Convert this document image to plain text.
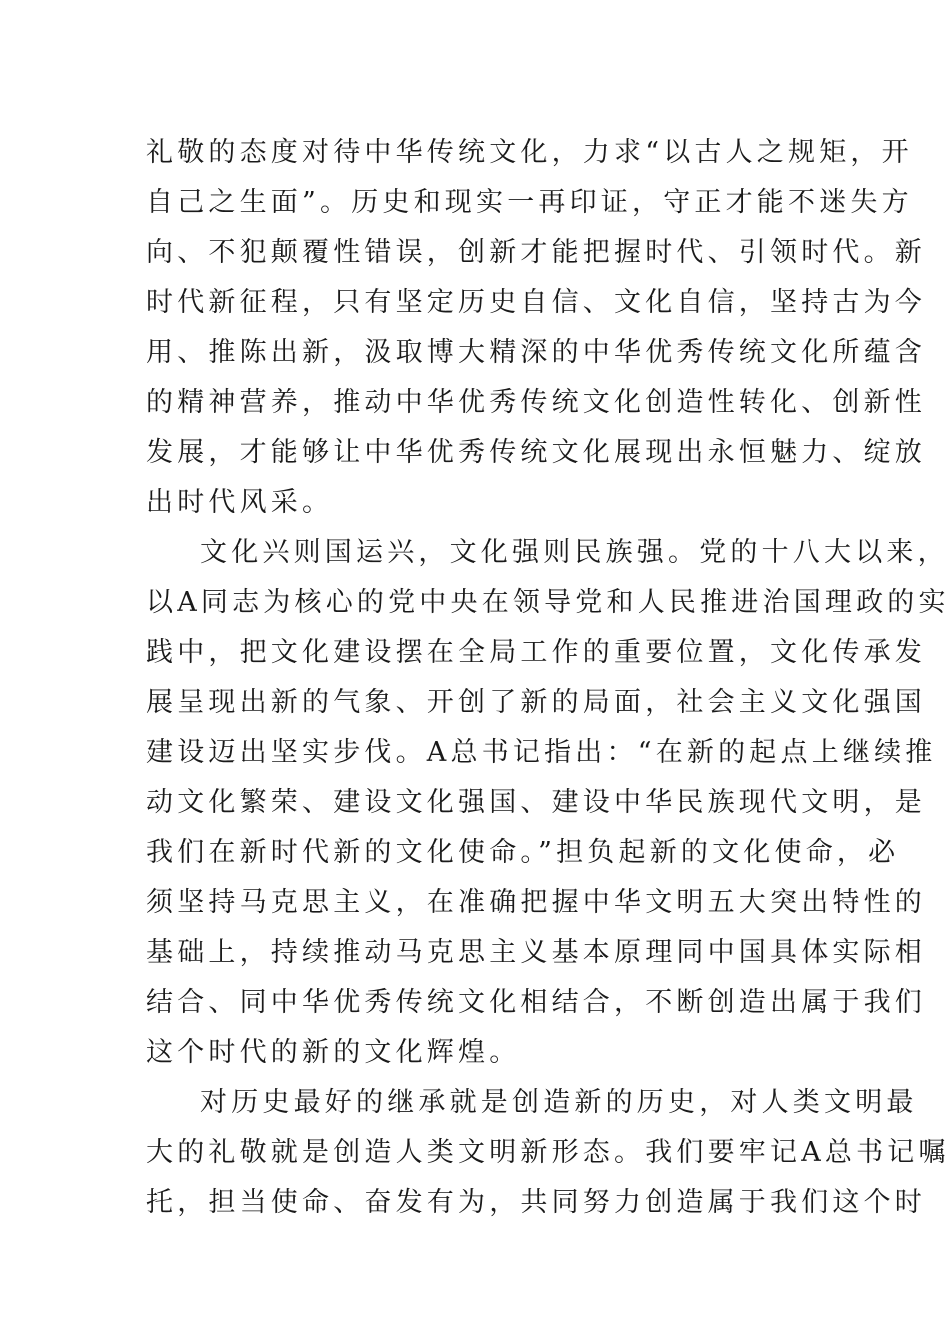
礼敬的态度对待中华传统文化，力求“以古人之规矩，开
自己之生面”。历史和现实一再印证，守正才能不迷失方
向、不犯颠覆性错误，创新才能把握时代、引领时代。新
时代新征程，只有坚定历史自信、文化自信，坚持古为今
用、推陈出新，汲取博大精深的中华优秀传统文化所蕴含
的精神营养，推动中华优秀传统文化创造性转化、创新性
发展，才能够让中华优秀传统文化展现出永恒魅力、绽放
出时代风采。
文化兴则国运兴，文化强则民族强。党的十八大以来，
以A同志为核心的党中央在领导党和人民推进治国理政的实
践中，把文化建设摆在全局工作的重要位置，文化传承发
展呈现出新的气象、开创了新的局面，社会主义文化强国
建设迈出坚实步伐。A总书记指出：“在新的起点上继续推
动文化繁荣、建设文化强国、建设中华民族现代文明，是
我们在新时代新的文化使命。”担负起新的文化使命，必
须坚持马克思主义，在准确把握中华文明五大突出特性的
基础上，持续推动马克思主义基本原理同中国具体实际相
结合、同中华优秀传统文化相结合，不断创造出属于我们
这个时代的新的文化辉煌。
对历史最好的继承就是创造新的历史，对人类文明最
大的礼敬就是创造人类文明新形态。我们要牢记A总书记嘱
托，担当使命、奋发有为，共同努力创造属于我们这个时
